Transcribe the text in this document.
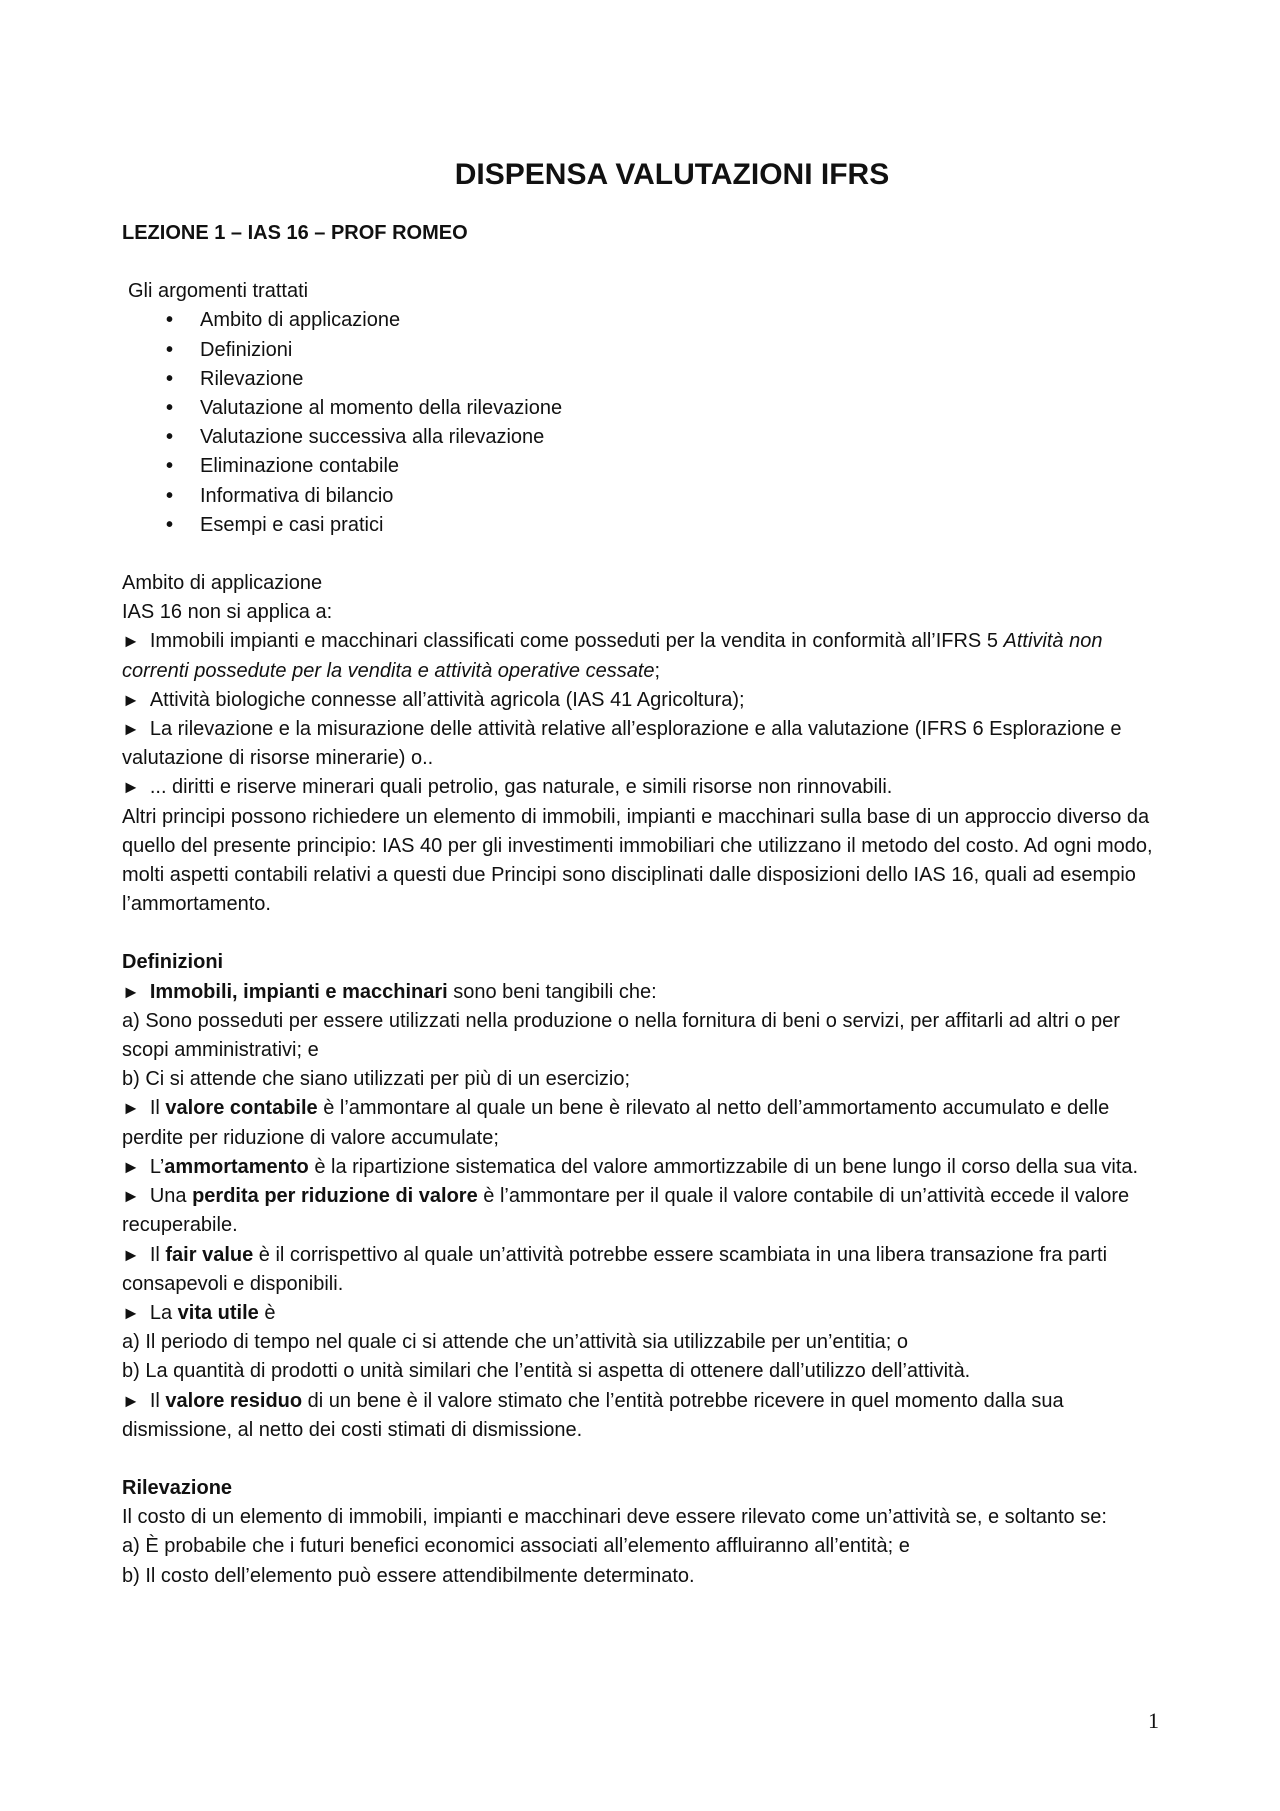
DISPENSA VALUTAZIONI IFRS
LEZIONE 1 – IAS 16 – PROF ROMEO
Gli argomenti trattati
• Ambito di applicazione
• Definizioni
• Rilevazione
• Valutazione al momento della rilevazione
• Valutazione successiva alla rilevazione
• Eliminazione contabile
• Informativa di bilancio
• Esempi e casi pratici

Ambito di applicazione

IAS 16 non si applica a:

► Immobili impianti e macchinari classificati come posseduti per la vendita in conformità all’IFRS 5 Attività non correnti possedute per la vendita e attività operative cessate;

► Attività biologiche connesse all’attività agricola (IAS 41 Agricoltura);

► La rilevazione e la misurazione delle attività relative all’esplorazione e alla valutazione (IFRS 6 Esplorazione e valutazione di risorse minerarie) o..

► ... diritti e riserve minerari quali petrolio, gas naturale, e simili risorse non rinnovabili.

Altri principi possono richiedere un elemento di immobili, impianti e macchinari sulla base di un approccio diverso da quello del presente principio: IAS 40 per gli investimenti immobiliari che utilizzano il metodo del costo. Ad ogni modo, molti aspetti contabili relativi a questi due Principi sono disciplinati dalle disposizioni dello IAS 16, quali ad esempio l’ammortamento.

Definizioni

► Immobili, impianti e macchinari sono beni tangibili che:

a) Sono posseduti per essere utilizzati nella produzione o nella fornitura di beni o servizi, per affitarli ad altri o per scopi amministrativi; e

b) Ci si attende che siano utilizzati per più di un esercizio;

► Il valore contabile è l’ammontare al quale un bene è rilevato al netto dell’ammortamento accumulato e delle perdite per riduzione di valore accumulate;

► L’ammortamento è la ripartizione sistematica del valore ammortizzabile di un bene lungo il corso della sua vita.

► Una perdita per riduzione di valore è l’ammontare per il quale il valore contabile di un’attività eccede il valore recuperabile.

► Il fair value è il corrispettivo al quale un’attività potrebbe essere scambiata in una libera transazione fra parti consapevoli e disponibili.

► La vita utile è

a) Il periodo di tempo nel quale ci si attende che un’attività sia utilizzabile per un’entitia; o

b) La quantità di prodotti o unità similari che l’entità si aspetta di ottenere dall’utilizzo dell’attività.

► Il valore residuo di un bene è il valore stimato che l’entità potrebbe ricevere in quel momento dalla sua dismissione, al netto dei costi stimati di dismissione.

Rilevazione

Il costo di un elemento di immobili, impianti e macchinari deve essere rilevato come un’attività se, e soltanto se:

a) È probabile che i futuri benefici economici associati all’elemento affluiranno all’entità; e

b) Il costo dell’elemento può essere attendibilmente determinato.

1
